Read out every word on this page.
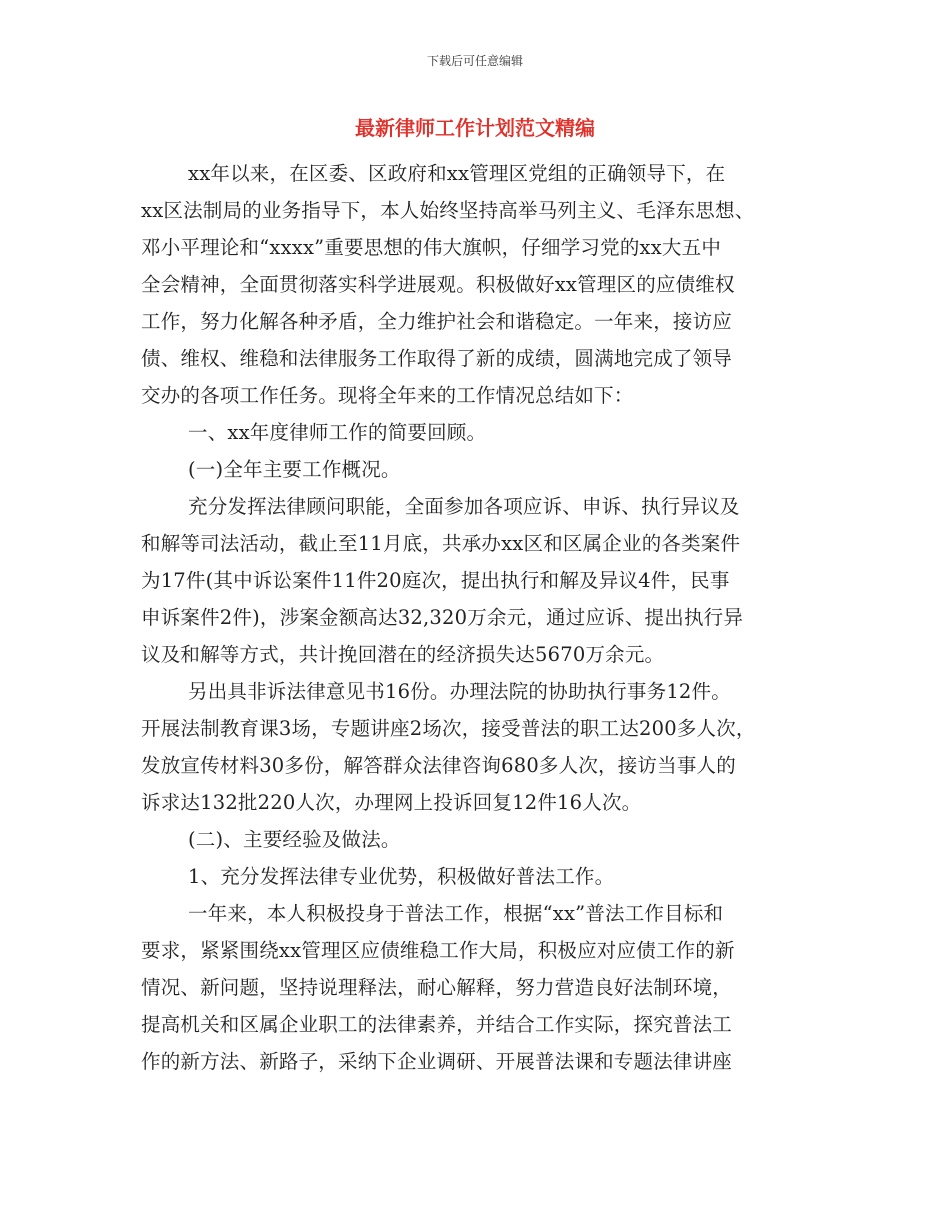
下载后可任意编辑
最新律师工作计划范文精编
xx年以来，在区委、区政府和xx管理区党组的正确领导下，在
xx区法制局的业务指导下，本人始终坚持高举马列主义、毛泽东思想、
邓小平理论和“xxxx”重要思想的伟大旗帜，仔细学习党的xx大五中
全会精神，全面贯彻落实科学进展观。积极做好xx管理区的应债维权
工作，努力化解各种矛盾，全力维护社会和谐稳定。一年来，接访应
债、维权、维稳和法律服务工作取得了新的成绩，圆满地完成了领导
交办的各项工作任务。现将全年来的工作情况总结如下：
一、xx年度律师工作的简要回顾。
(一)全年主要工作概况。
充分发挥法律顾问职能，全面参加各项应诉、申诉、执行异议及
和解等司法活动，截止至11月底，共承办xx区和区属企业的各类案件
为17件(其中诉讼案件11件20庭次，提出执行和解及异议4件，民事
申诉案件2件)，涉案金额高达32,320万余元，通过应诉、提出执行异
议及和解等方式，共计挽回潜在的经济损失达5670万余元。
另出具非诉法律意见书16份。办理法院的协助执行事务12件。
开展法制教育课3场，专题讲座2场次，接受普法的职工达200多人次，
发放宣传材料30多份，解答群众法律咨询680多人次，接访当事人的
诉求达132批220人次，办理网上投诉回复12件16人次。
(二)、主要经验及做法。
1、充分发挥法律专业优势，积极做好普法工作。
一年来，本人积极投身于普法工作，根据“xx”普法工作目标和
要求，紧紧围绕xx管理区应债维稳工作大局，积极应对应债工作的新
情况、新问题，坚持说理释法，耐心解释，努力营造良好法制环境，
提高机关和区属企业职工的法律素养，并结合工作实际，探究普法工
作的新方法、新路子，采纳下企业调研、开展普法课和专题法律讲座
